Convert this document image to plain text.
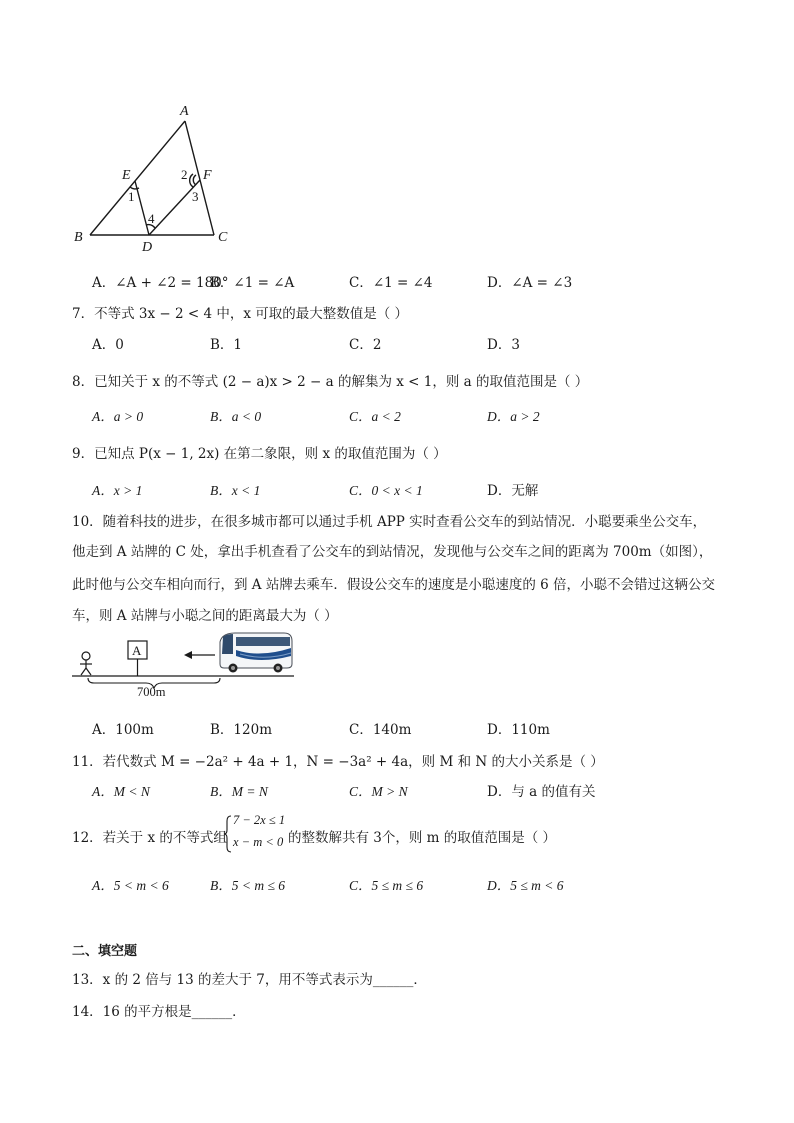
A
B	C
D
E	F
1
2
3
4
A．∠A + ∠2 = 180°
B．∠1 = ∠A	C．∠1 = ∠4	D．∠A = ∠3
7．不等式 3x − 2 < 4 中，x 可取的最大整数值是（ ）
A．0	B．1	C．2	D．3
8．已知关于 x 的不等式 (2 − a)x > 2 − a 的解集为 x < 1，则 a 的取值范围是（ ）
A．a > 0	B．a < 0	C．a < 2	D．a > 2
9．已知点 P(x − 1, 2x) 在第二象限，则 x 的取值范围为（ ）
A．x > 1	B．x < 1	C．0 < x < 1	D．无解
10．随着科技的进步，在很多城市都可以通过手机 APP 实时查看公交车的到站情况．小聪要乘坐公交车，
他走到 A 站牌的 C 处，拿出手机查看了公交车的到站情况，发现他与公交车之间的距离为 700m（如图），
此时他与公交车相向而行，到 A 站牌去乘车．假设公交车的速度是小聪速度的 6 倍，小聪不会错过这辆公交
车，则 A 站牌与小聪之间的距离最大为（ ）
A
700m
A．100m	B．120m	C．140m	D．110m
11．若代数式 M = −2a² + 4a + 1，N = −3a² + 4a，则 M 和 N 的大小关系是（ ）
A．M < N	B．M = N	C．M > N	D．与 a 的值有关
12．若关于 x 的不等式组
7 − 2x ≤ 1
x − m < 0 的整数解共有 3个，则 m 的取值范围是（ ）
A．5 < m < 6	B．5 < m ≤ 6	C．5 ≤ m ≤ 6	D．5 ≤ m < 6
二、填空题
13．x 的 2 倍与 13 的差大于 7，用不等式表示为______．
14．16 的平方根是______．
